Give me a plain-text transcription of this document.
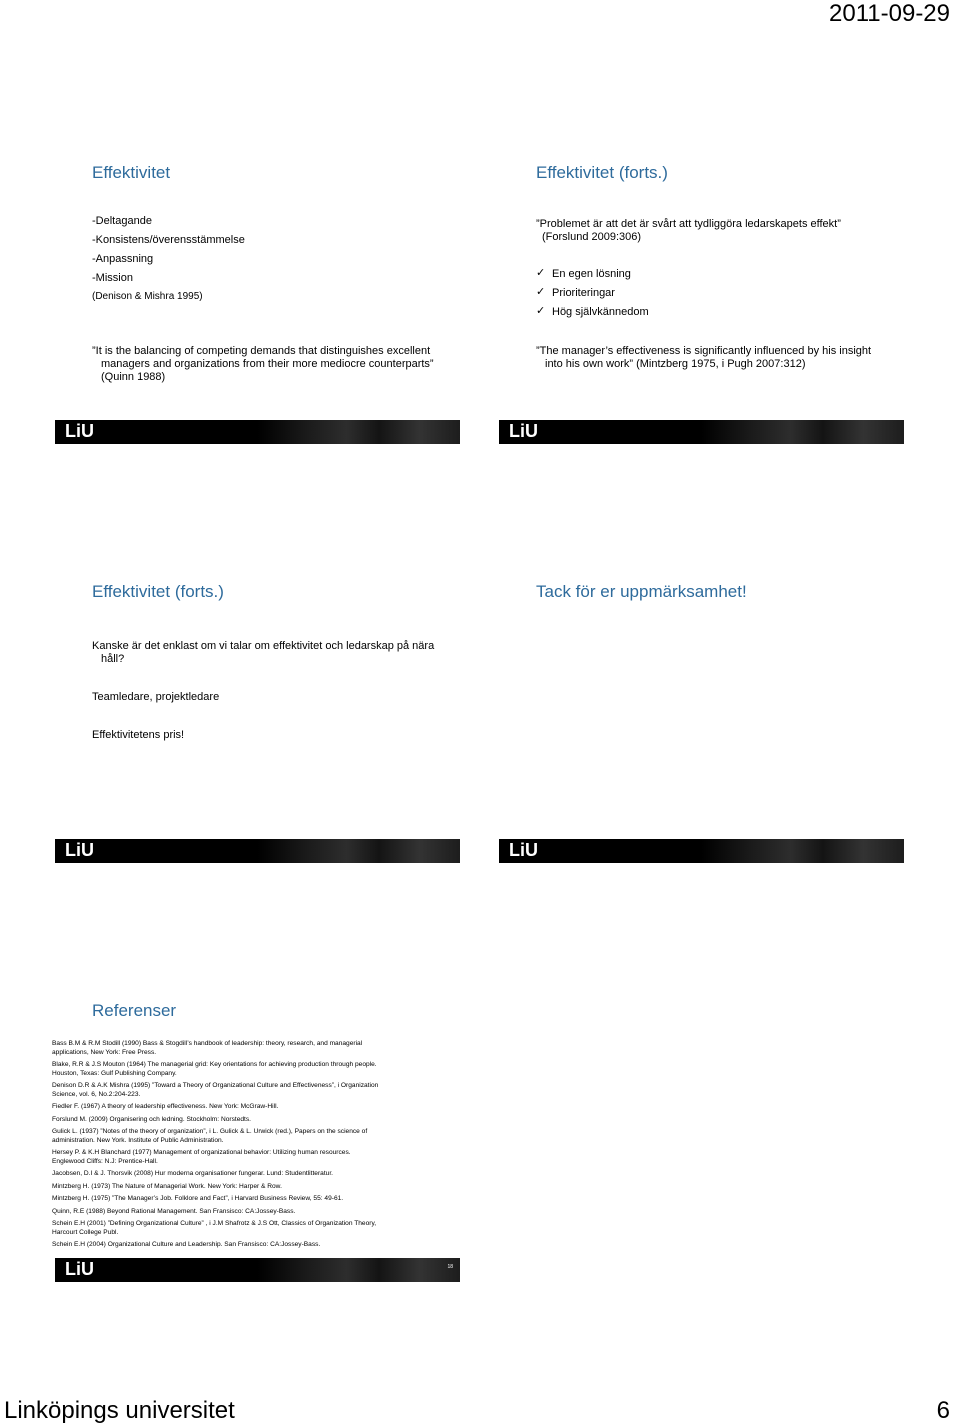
2011-09-29
Effektivitet
-Deltagande
-Konsistens/överensstämmelse
-Anpassning
-Mission
(Denison & Mishra 1995)
”It is the balancing of competing demands that distinguishes excellent managers and organizations from their more mediocre counterparts” (Quinn 1988)
LiU
Effektivitet (forts.)
”Problemet är att det är svårt att tydliggöra ledarskapets effekt” (Forslund 2009:306)
✓ En egen lösning
✓ Prioriteringar
✓ Hög självkännedom
”The manager’s effectiveness is significantly influenced by his insight into his own work” (Mintzberg 1975, i Pugh 2007:312)
LiU
Effektivitet (forts.)
Kanske är det enklast om vi talar om effektivitet och ledarskap på nära håll?
Teamledare, projektledare
Effektivitetens pris!
LiU
Tack för er uppmärksamhet!
LiU
Referenser
LiU	18
Bass B.M & R.M Stodill (1990) Bass & Stogdill’s handbook of leadership: theory, research, and managerial applications, New York: Free Press.
Blake, R.R & J.S Mouton (1964) The managerial grid: Key orientations for achieving production through people. Houston, Texas: Gulf Publishing Company.
Denison D.R & A.K Mishra (1995) ”Toward a Theory of Organizational Culture and Effectiveness”, i Organization Science, vol. 6, No.2:204-223.
Fiedler F. (1967) A theory of leadership effectiveness. New York: McGraw-Hill.
Forslund M. (2009) Organisering och ledning. Stockholm: Norstedts.
Gulick L. (1937) ”Notes of the theory of organization”, i L. Gulick & L. Urwick (red.), Papers on the science of administration. New York. Institute of Public Administration.
Hersey P. & K.H Blanchard (1977) Management of organizational behavior: Utilizing human resources. Englewood Cliffs: N.J: Prentice-Hall.
Jacobsen, D.I & J. Thorsvik (2008) Hur moderna organisationer fungerar. Lund: Studentlitteratur.
Mintzberg H. (1973) The Nature of Managerial Work. New York: Harper & Row.
Mintzberg H. (1975) ”The Manager’s Job. Folklore and Fact”, i Harvard Business Review, 55: 49-61.
Quinn, R.E (1988) Beyond Rational Management. San Fransisco: CA:Jossey-Bass.
Schein E.H (2001) ”Defining Organizational Culture” , i J.M Shafrotz & J.S Ott, Classics of Organization Theory, Harcourt College Publ.
Schein E.H (2004) Organizational Culture and Leadership. San Fransisco: CA:Jossey-Bass.
Linköpings universitet	6
